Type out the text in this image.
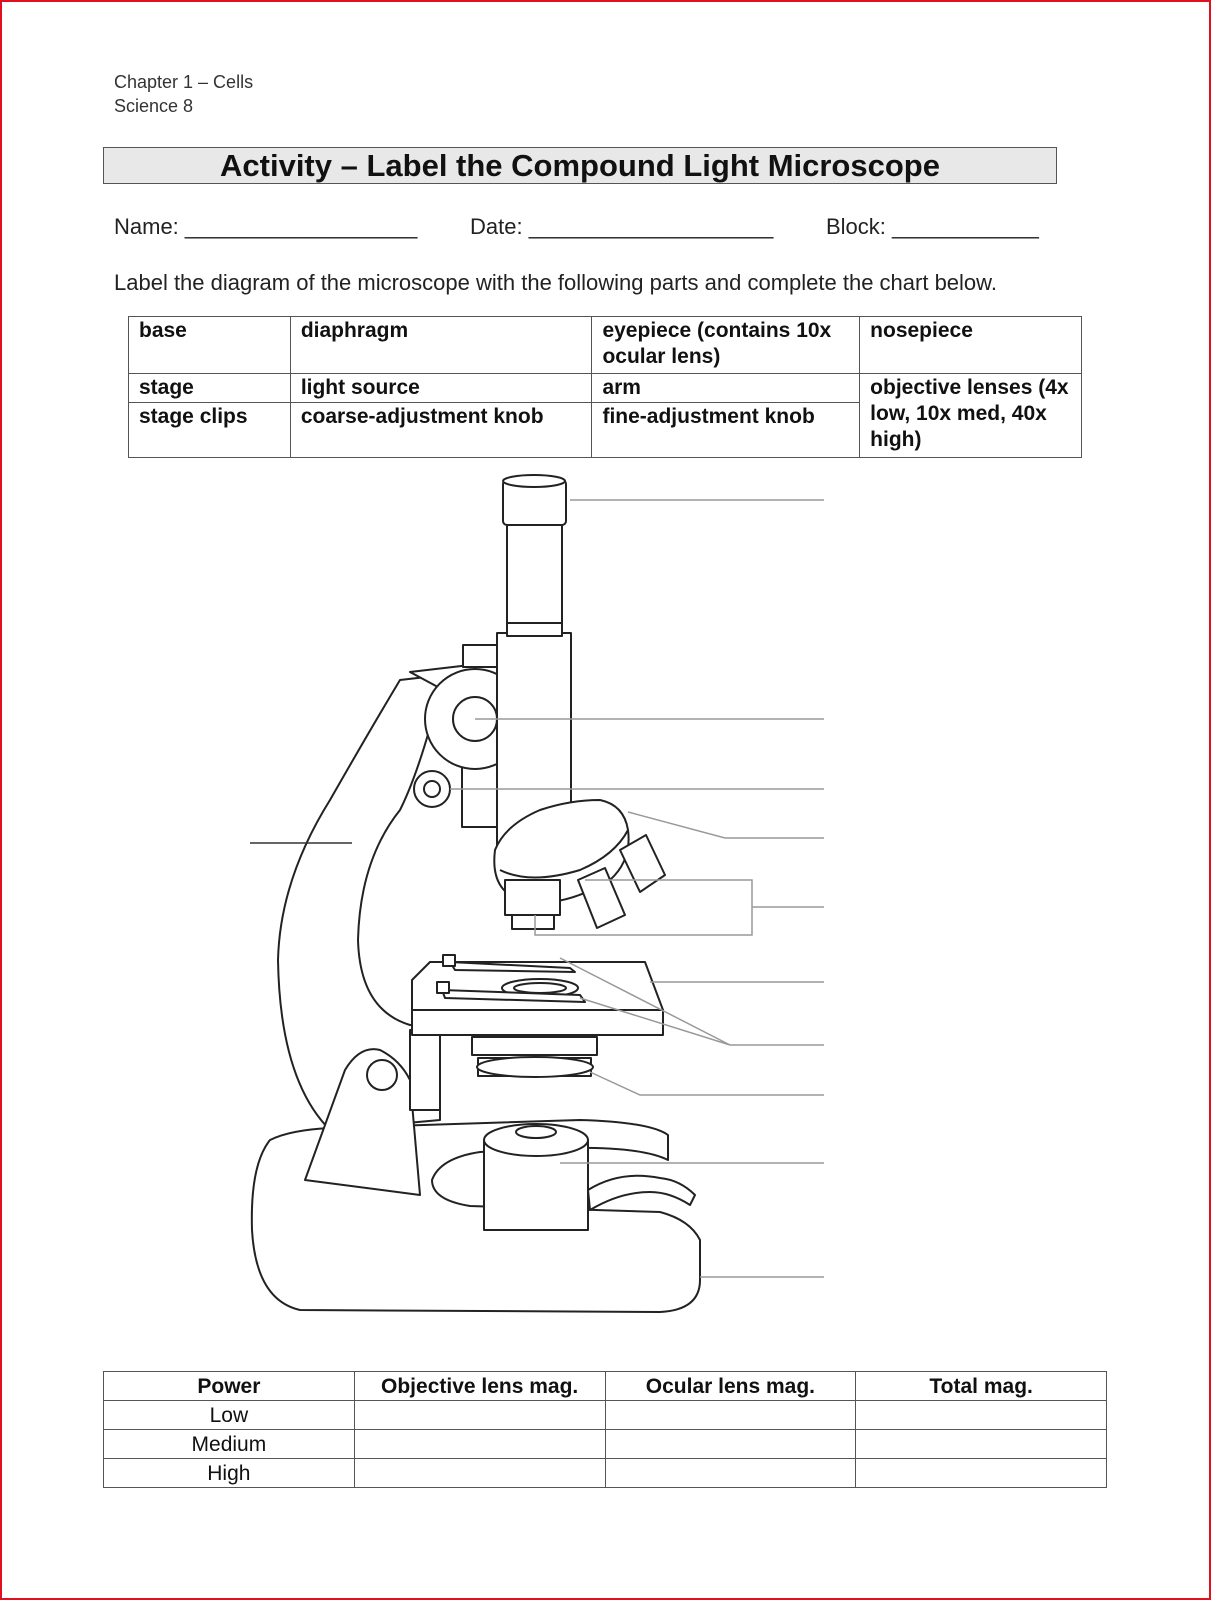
Chapter 1 – Cells
Science 8
Activity – Label the Compound Light Microscope
Name: ___________________ Date: ____________________ Block: ____________
Label the diagram of the microscope with the following parts and complete the chart below.
base	diaphragm	eyepiece (contains 10x ocular lens)	nosepiece
stage	light source	arm	objective lenses (4x low, 10x med, 40x high)
stage clips	coarse-adjustment knob	fine-adjustment knob	
Power	Objective lens mag.	Ocular lens mag.	Total mag.
Low			
Medium			
High			
